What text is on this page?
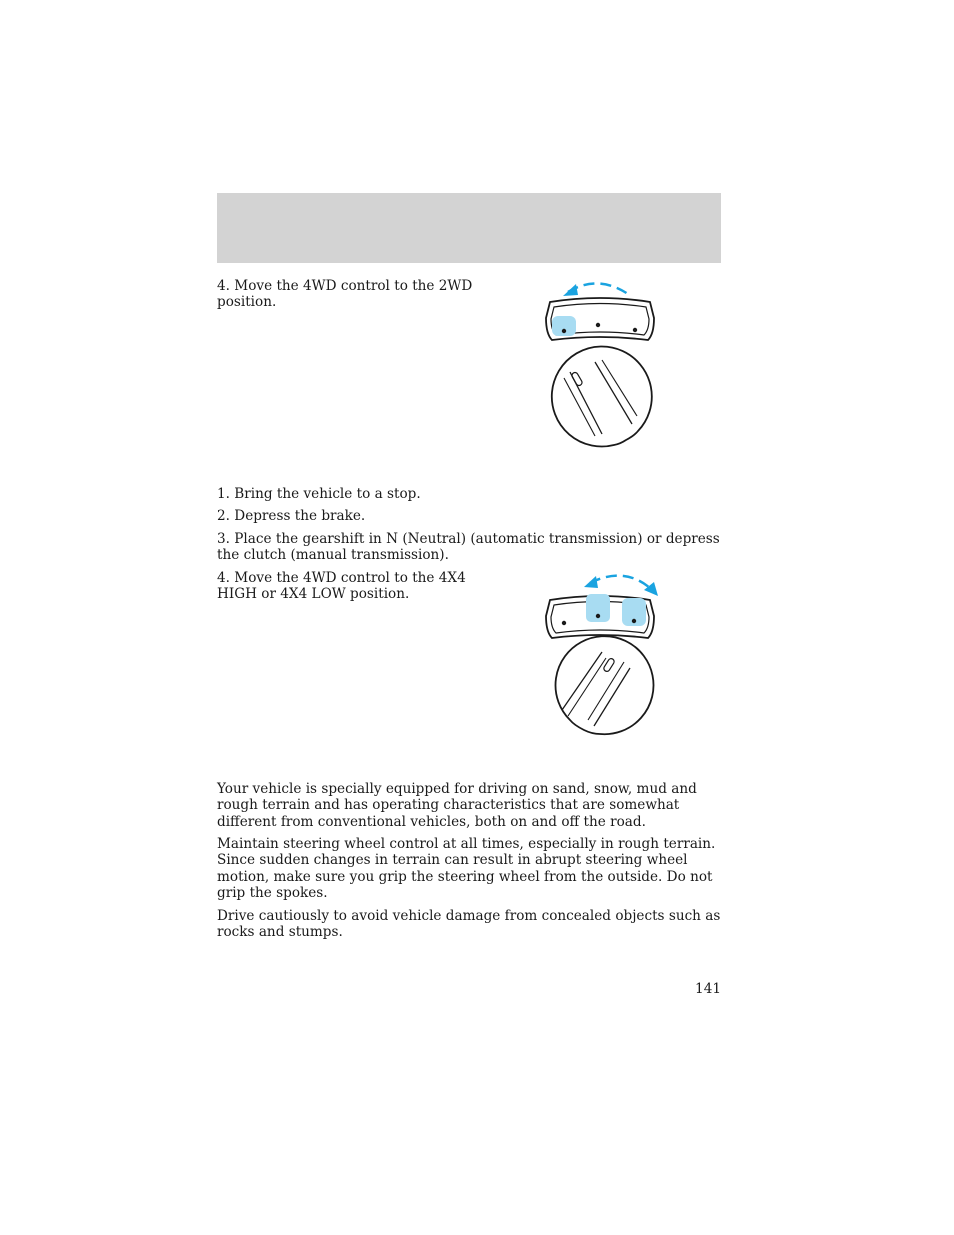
4. Move the 4WD control to the 2WD position.

1. Bring the vehicle to a stop.

2. Depress the brake.

3. Place the gearshift in N (Neutral) (automatic transmission) or depress the clutch (manual transmission).

4. Move the 4WD control to the 4X4 HIGH or 4X4 LOW position.

Your vehicle is specially equipped for driving on sand, snow, mud and rough terrain and has operating characteristics that are somewhat different from conventional vehicles, both on and off the road.

Maintain steering wheel control at all times, especially in rough terrain. Since sudden changes in terrain can result in abrupt steering wheel motion, make sure you grip the steering wheel from the outside. Do not grip the spokes.

Drive cautiously to avoid vehicle damage from concealed objects such as rocks and stumps.

141
